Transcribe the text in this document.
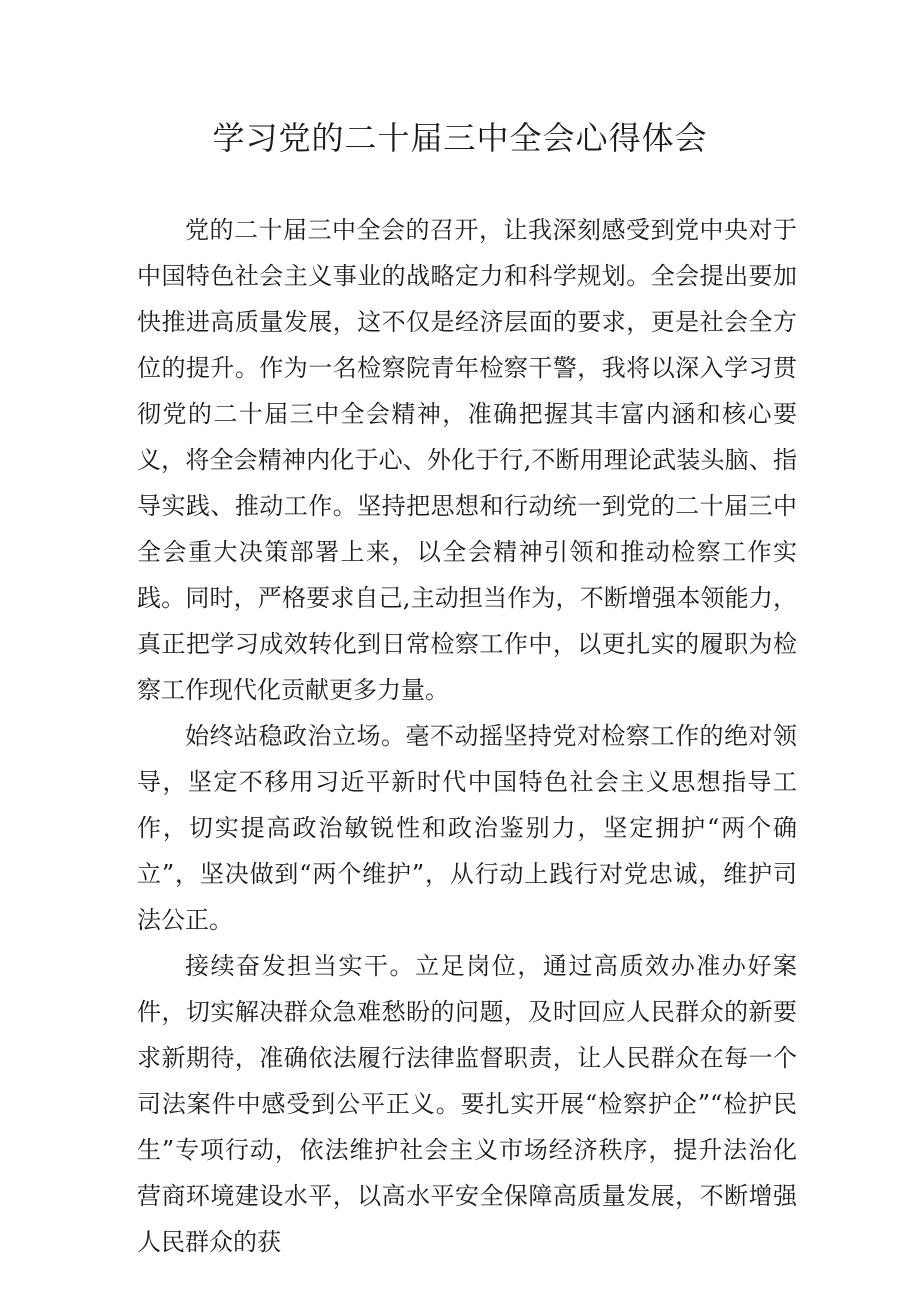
学习党的二十届三中全会心得体会

党的二十届三中全会的召开，让我深刻感受到党中央对于中国特色社会主义事业的战略定力和科学规划。全会提出要加快推进高质量发展，这不仅是经济层面的要求，更是社会全方位的提升。作为一名检察院青年检察干警，我将以深入学习贯彻党的二十届三中全会精神，准确把握其丰富内涵和核心要义，将全会精神内化于心、外化于行,不断用理论武装头脑、指导实践、推动工作。坚持把思想和行动统一到党的二十届三中全会重大决策部署上来，以全会精神引领和推动检察工作实践。同时，严格要求自己,主动担当作为，不断增强本领能力，真正把学习成效转化到日常检察工作中，以更扎实的履职为检察工作现代化贡献更多力量。

始终站稳政治立场。毫不动摇坚持党对检察工作的绝对领导，坚定不移用习近平新时代中国特色社会主义思想指导工作，切实提高政治敏锐性和政治鉴别力，坚定拥护“两个确立”，坚决做到“两个维护”，从行动上践行对党忠诚，维护司法公正。

接续奋发担当实干。立足岗位，通过高质效办准办好案件，切实解决群众急难愁盼的问题，及时回应人民群众的新要求新期待，准确依法履行法律监督职责，让人民群众在每一个司法案件中感受到公平正义。要扎实开展“检察护企”“检护民生”专项行动，依法维护社会主义市场经济秩序，提升法治化营商环境建设水平，以高水平安全保障高质量发展，不断增强人民群众的获
